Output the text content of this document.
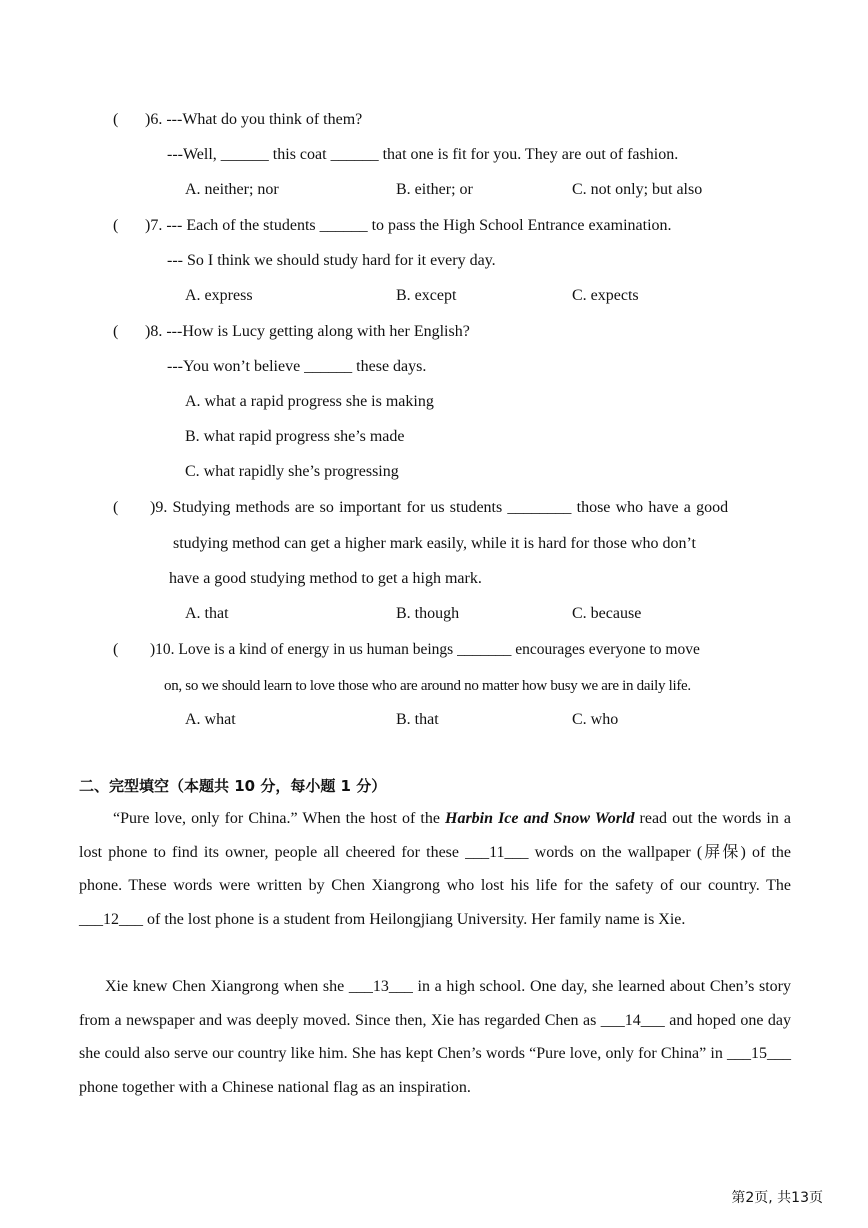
( )6. ---What do you think of them?
---Well, ______ this coat ______ that one is fit for you. They are out of fashion.
A. neither; nor	B. either; or	C. not only; but also
( )7. --- Each of the students ______ to pass the High School Entrance examination.
--- So I think we should study hard for it every day.
A. express	B. except	C. expects
( )8. ---How is Lucy getting along with her English?
---You won’t believe ______ these days.
A. what a rapid progress she is making
B. what rapid progress she’s made
C. what rapidly she’s progressing
( )9. Studying methods are so important for us students ________ those who have a good
studying method can get a higher mark easily, while it is hard for those who don’t
have a good studying method to get a high mark.
A. that	B. though	C. because
( )10. Love is a kind of energy in us human beings _______ encourages everyone to move
on, so we should learn to love those who are around no matter how busy we are in daily life.
A. what	B. that	C. who
二、完型填空（本题共 10 分，每小题 1 分）
“Pure love, only for China.” When the host of the Harbin Ice and Snow World read out the words in a lost phone to find its owner, people all cheered for these ___11___ words on the wallpaper (屏保) of the phone. These words were written by Chen Xiangrong who lost his life for the safety of our country. The ___12___ of the lost phone is a student from Heilongjiang University. Her family name is Xie.
Xie knew Chen Xiangrong when she ___13___ in a high school. One day, she learned about Chen’s story from a newspaper and was deeply moved. Since then, Xie has regarded Chen as ___14___ and hoped one day she could also serve our country like him. She has kept Chen’s words “Pure love, only for China” in ___15___ phone together with a Chinese national flag as an inspiration.
第2页, 共13页
